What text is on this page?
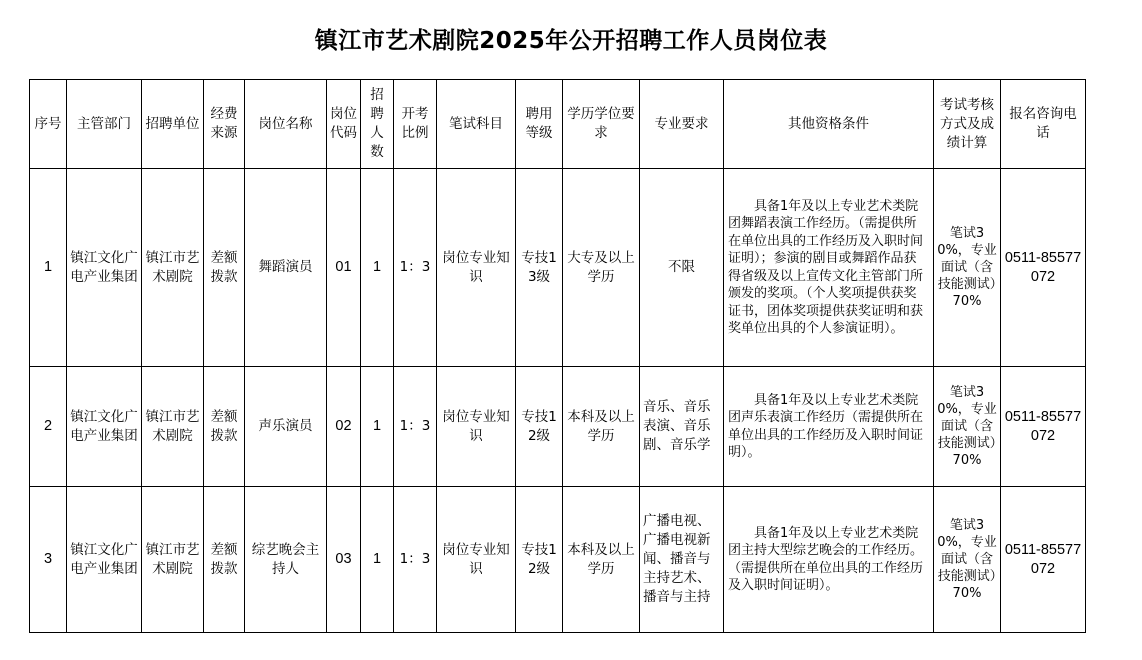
镇江市艺术剧院2025年公开招聘工作人员岗位表
序号	主管部门	招聘单位	经费来源	岗位名称	岗位代码	招聘人数	开考比例	笔试科目	聘用等级	学历学位要求	专业要求	其他资格条件	考试考核方式及成绩计算	报名咨询电话
1	镇江文化广电产业集团	镇江市艺术剧院	差额拨款	舞蹈演员	01	1	1：3	岗位专业知识	专技13级	大专及以上学历	不限	具备1年及以上专业艺术类院团舞蹈表演工作经历。（需提供所在单位出具的工作经历及入职时间证明）；参演的剧目或舞蹈作品获得省级及以上宣传文化主管部门所颁发的奖项。（个人奖项提供获奖证书，团体奖项提供获奖证明和获奖单位出具的个人参演证明）。	笔试30%，专业面试（含技能测试）70%	0511-85577072
2	镇江文化广电产业集团	镇江市艺术剧院	差额拨款	声乐演员	02	1	1：3	岗位专业知识	专技12级	本科及以上学历	音乐、音乐表演、音乐剧、音乐学	具备1年及以上专业艺术类院团声乐表演工作经历（需提供所在单位出具的工作经历及入职时间证明）。	笔试30%，专业面试（含技能测试）70%	0511-85577072
3	镇江文化广电产业集团	镇江市艺术剧院	差额拨款	综艺晚会主持人	03	1	1：3	岗位专业知识	专技12级	本科及以上学历	广播电视、广播电视新闻、播音与主持艺术、播音与主持	具备1年及以上专业艺术类院团主持大型综艺晚会的工作经历。（需提供所在单位出具的工作经历及入职时间证明）。	笔试30%，专业面试（含技能测试）70%	0511-85577072
